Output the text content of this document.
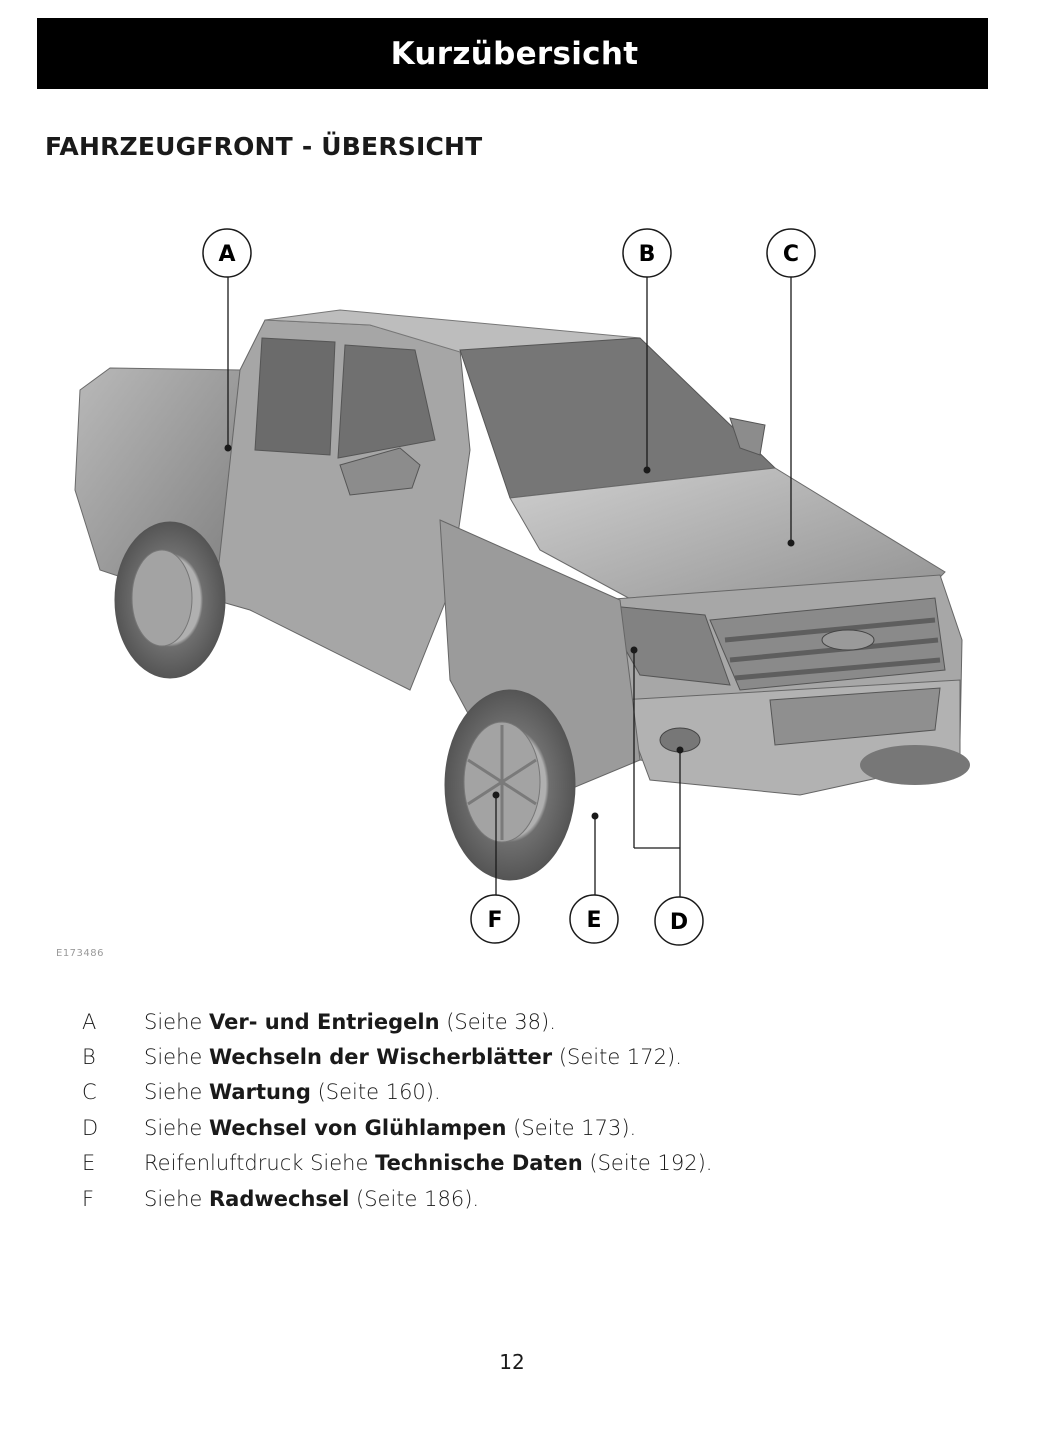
Kurzübersicht
FAHRZEUGFRONT - ÜBERSICHT
A	B	C
D
E
F
E173486
A	Siehe Ver- und Entriegeln (Seite 38).
B	Siehe Wechseln der Wischerblätter (Seite 172).
C	Siehe Wartung (Seite 160).
D	Siehe Wechsel von Glühlampen (Seite 173).
E	Reifenluftdruck Siehe Technische Daten (Seite 192).
F	Siehe Radwechsel (Seite 186).
12
